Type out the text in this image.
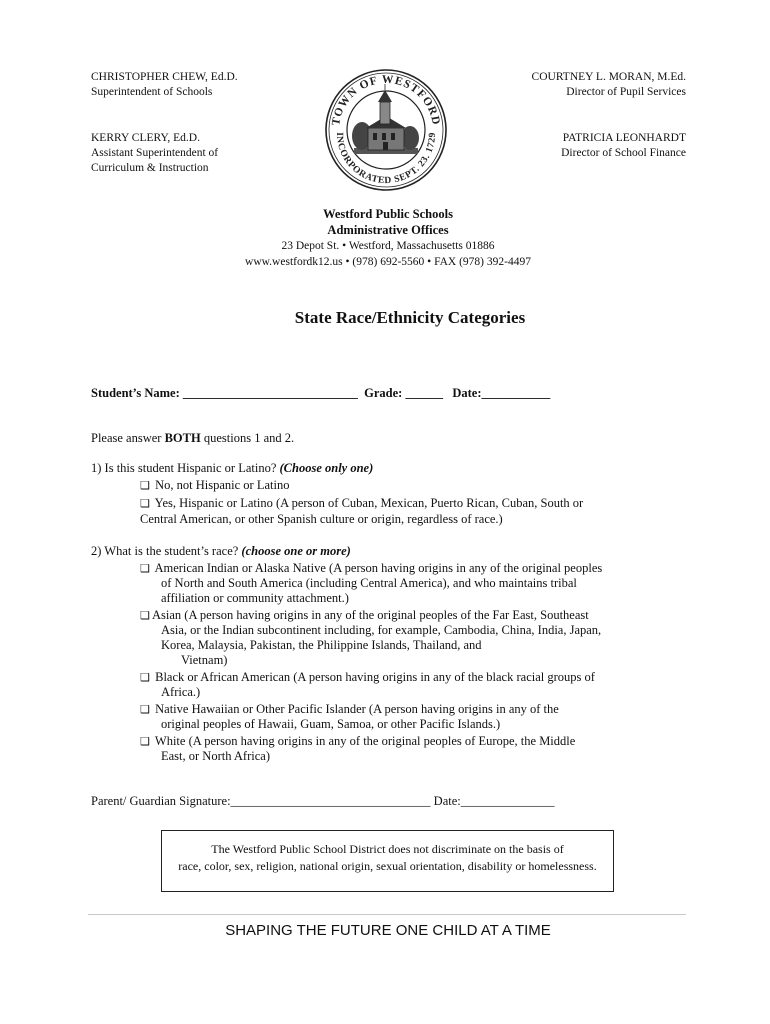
CHRISTOPHER CHEW, Ed.D.
Superintendent of Schools
KERRY CLERY, Ed.D.
Assistant Superintendent of
Curriculum & Instruction
COURTNEY L. MORAN, M.Ed.
Director of Pupil Services
PATRICIA LEONHARDT
Director of School Finance
TOWN OF WESTFORD
INCORPORATED SEPT. 23. 1729
Westford Public Schools
Administrative Offices
23 Depot St. • Westford, Massachusetts 01886
www.westfordk12.us • (978) 692-5560 • FAX (978) 392-4497
State Race/Ethnicity Categories
Student’s Name: ____________________________  Grade: ______   Date:___________
Please answer BOTH questions 1 and 2.
1) Is this student Hispanic or Latino? (Choose only one)
❑ No, not Hispanic or Latino
❑ Yes, Hispanic or Latino (A person of Cuban, Mexican, Puerto Rican, Cuban, South or
Central American, or other Spanish culture or origin, regardless of race.)
2) What is the student’s race? (choose one or more)
❑ American Indian or Alaska Native (A person having origins in any of the original peoples
of North and South America (including Central America), and who maintains tribal
affiliation or community attachment.)
❑ Asian (A person having origins in any of the original peoples of the Far East, Southeast
Asia, or the Indian subcontinent including, for example, Cambodia, China, India, Japan,
Korea, Malaysia, Pakistan, the Philippine Islands, Thailand, and
Vietnam)
❑ Black or African American (A person having origins in any of the black racial groups of
Africa.)
❑ Native Hawaiian or Other Pacific Islander (A person having origins in any of the
original peoples of Hawaii, Guam, Samoa, or other Pacific Islands.)
❑ White (A person having origins in any of the original peoples of Europe, the Middle
East, or North Africa)
Parent/ Guardian Signature:________________________________ Date:_______________
The Westford Public School District does not discriminate on the basis of
race, color, sex, religion, national origin, sexual orientation, disability or homelessness.
SHAPING THE FUTURE ONE CHILD AT A TIME
